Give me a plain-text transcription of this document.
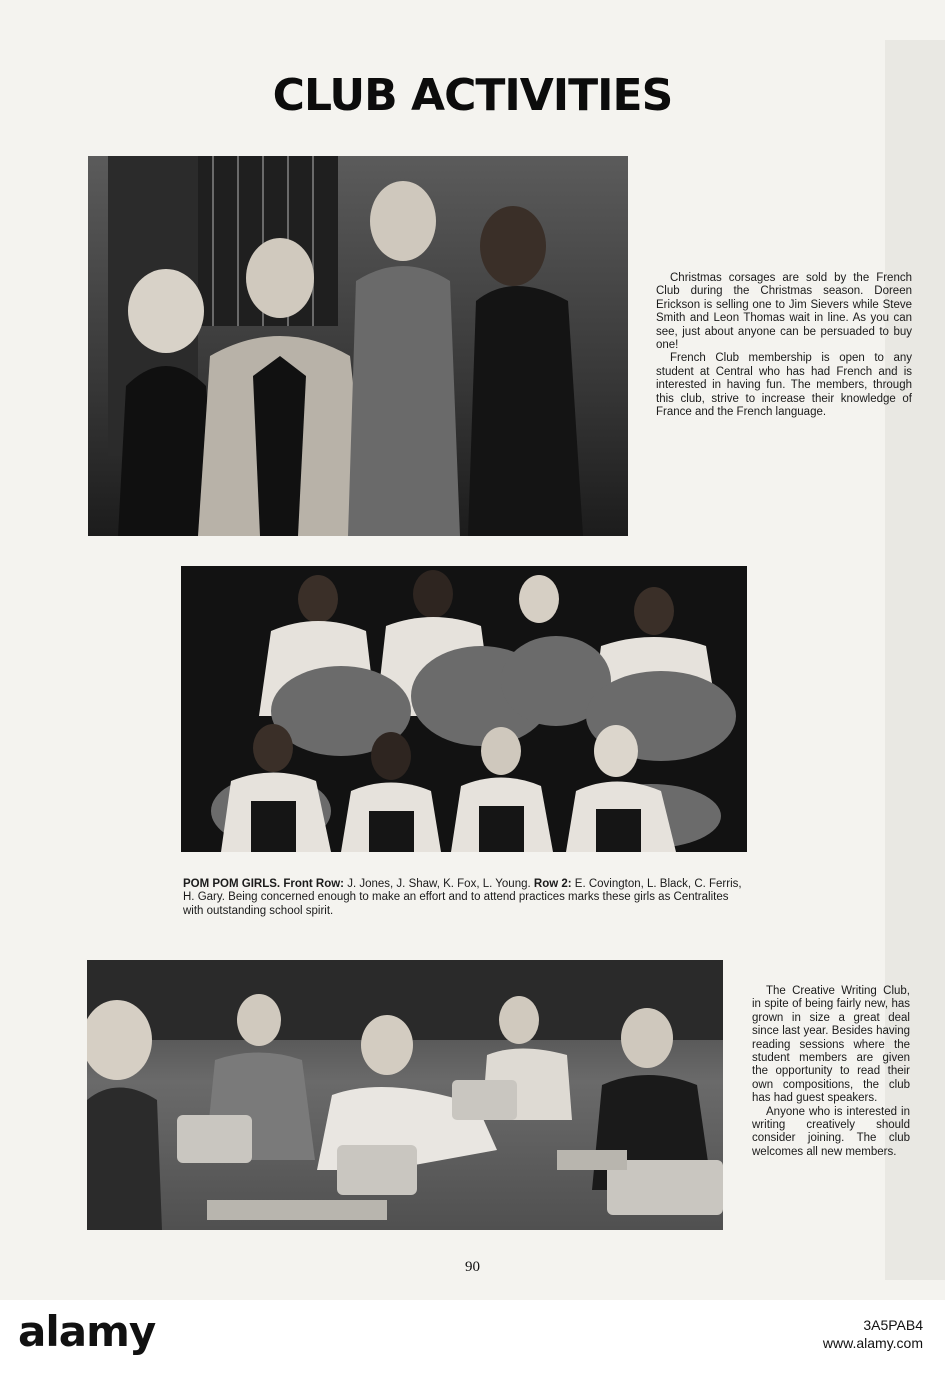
CLUB ACTIVITIES

Christmas corsages are sold by the French Club during the Christmas season. Doreen Erickson is selling one to Jim Sievers while Steve Smith and Leon Thomas wait in line. As you can see, just about anyone can be persuaded to buy one!

French Club membership is open to any student at Central who has had French and is interested in having fun. The members, through this club, strive to increase their knowledge of France and the French language.

POM POM GIRLS. Front Row: J. Jones, J. Shaw, K. Fox, L. Young. Row 2: E. Covington, L. Black, C. Ferris, H. Gary. Being concerned enough to make an effort and to attend practices marks these girls as Centralites with outstanding school spirit.

The Creative Writing Club, in spite of being fairly new, has grown in size a great deal since last year. Besides having reading sessions where the student members are given the opportunity to read their own compositions, the club has had guest speakers.

Anyone who is interested in writing creatively should consider joining. The club welcomes all new members.

90
alamy	3A5PAB4
www.alamy.com
